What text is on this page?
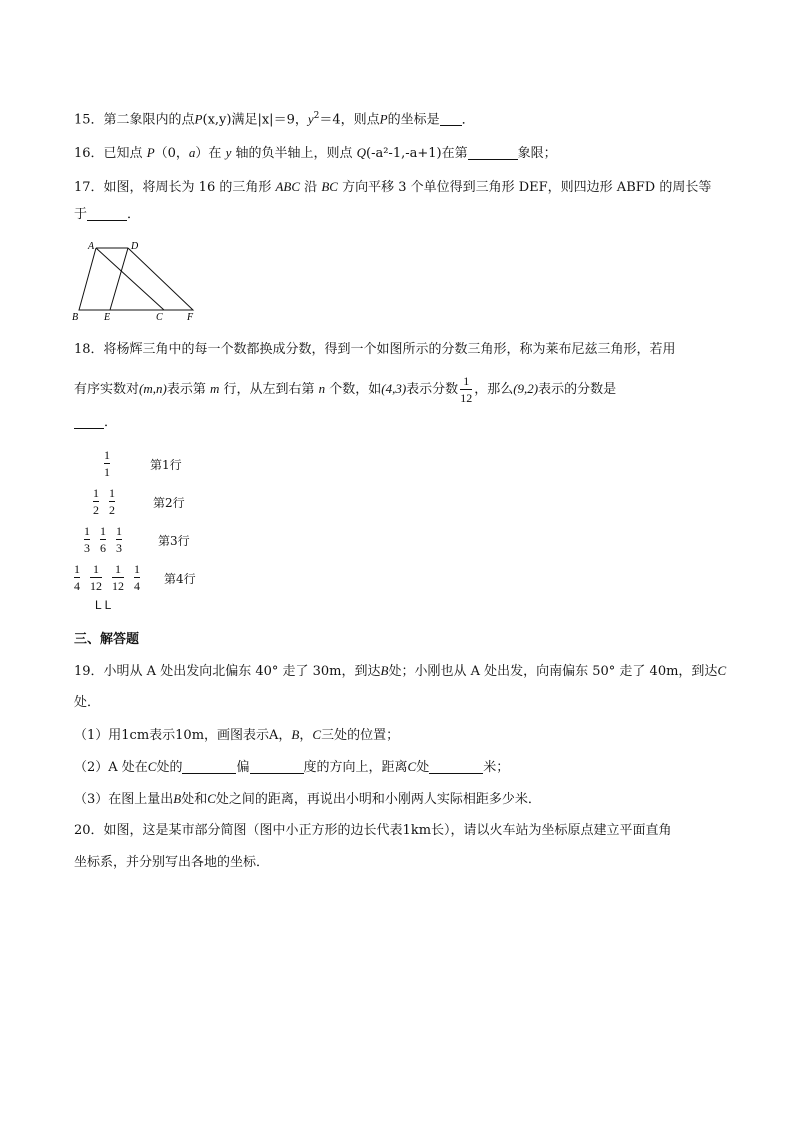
15．第二象限内的点P(x,y)满足|x|＝9，$y^2=4$，则点P的坐标是 ．
16．已知点 P（0，a）在 y 轴的负半轴上，则点 Q(-a²-1,-a+1)在第	象限；
17．如图，将周长为 16 的三角形 ABC 沿 BC 方向平移 3 个单位得到三角形 DEF，则四边形 ABFD 的周长等
于	．
A	D
B	E	C F
18．将杨辉三角中的每一个数都换成分数，得到一个如图所示的分数三角形，称为莱布尼兹三角形，若用
有序实数对(m,n)表示第 m 行，从左到右第 n 个数，如(4,3)表示分数 $\frac{1}{12}$ ，那么(9,2)表示的分数是
．
$\frac{1}{1}$	第1行
$\frac{1}{2} \frac{1}{2}$	第2行
$\frac{1}{3} \frac{1}{6} \frac{1}{3}$	第3行
$\frac{1}{4} \frac{1}{12} \frac{1}{12} \frac{1}{4}$ 第4行
L L
三、解答题
19．小明从 A 处出发向北偏东 40° 走了 30m，到达B处；小刚也从 A 处出发，向南偏东 50° 走了 40m，到达C
处．
（1）用1cm表示10m，画图表示A，B，C三处的位置；
（2）A 处在C处的	偏	度的方向上，距离C处	米；
（3）在图上量出B处和C处之间的距离，再说出小明和小刚两人实际相距多少米．
20．如图，这是某市部分简图（图中小正方形的边长代表1km长），请以火车站为坐标原点建立平面直角
坐标系，并分别写出各地的坐标．
